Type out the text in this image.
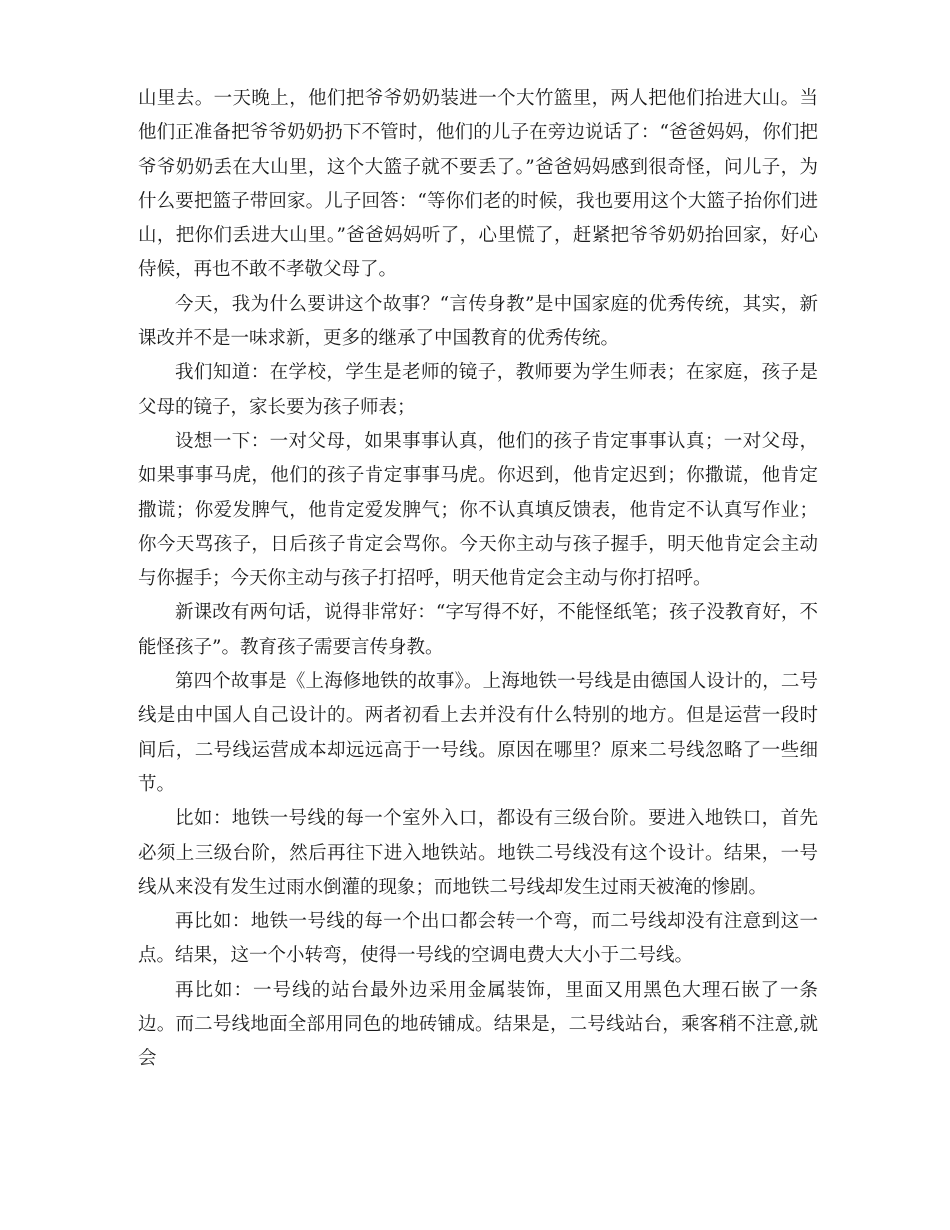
山里去。一天晚上，他们把爷爷奶奶装进一个大竹篮里，两人把他们抬进大山。当他们正准备把爷爷奶奶扔下不管时，他们的儿子在旁边说话了：“爸爸妈妈，你们把爷爷奶奶丢在大山里，这个大篮子就不要丢了。”爸爸妈妈感到很奇怪，问儿子，为什么要把篮子带回家。儿子回答：“等你们老的时候，我也要用这个大篮子抬你们进山，把你们丢进大山里。”爸爸妈妈听了，心里慌了，赶紧把爷爷奶奶抬回家，好心侍候，再也不敢不孝敬父母了。

今天，我为什么要讲这个故事？“言传身教”是中国家庭的优秀传统，其实，新课改并不是一味求新，更多的继承了中国教育的优秀传统。

我们知道：在学校，学生是老师的镜子，教师要为学生师表；在家庭，孩子是父母的镜子，家长要为孩子师表；

设想一下：一对父母，如果事事认真，他们的孩子肯定事事认真；一对父母，如果事事马虎，他们的孩子肯定事事马虎。你迟到，他肯定迟到；你撒谎，他肯定撒谎；你爱发脾气，他肯定爱发脾气；你不认真填反馈表，他肯定不认真写作业；你今天骂孩子，日后孩子肯定会骂你。今天你主动与孩子握手，明天他肯定会主动与你握手；今天你主动与孩子打招呼，明天他肯定会主动与你打招呼。

新课改有两句话，说得非常好：“字写得不好，不能怪纸笔；孩子没教育好，不能怪孩子”。教育孩子需要言传身教。

第四个故事是《上海修地铁的故事》。上海地铁一号线是由德国人设计的，二号线是由中国人自己设计的。两者初看上去并没有什么特别的地方。但是运营一段时间后，二号线运营成本却远远高于一号线。原因在哪里？原来二号线忽略了一些细节。

比如：地铁一号线的每一个室外入口，都设有三级台阶。要进入地铁口，首先必须上三级台阶，然后再往下进入地铁站。地铁二号线没有这个设计。结果，一号线从来没有发生过雨水倒灌的现象；而地铁二号线却发生过雨天被淹的惨剧。

再比如：地铁一号线的每一个出口都会转一个弯，而二号线却没有注意到这一点。结果，这一个小转弯，使得一号线的空调电费大大小于二号线。

再比如：一号线的站台最外边采用金属装饰，里面又用黑色大理石嵌了一条边。而二号线地面全部用同色的地砖铺成。结果是，二号线站台，乘客稍不注意,就会
